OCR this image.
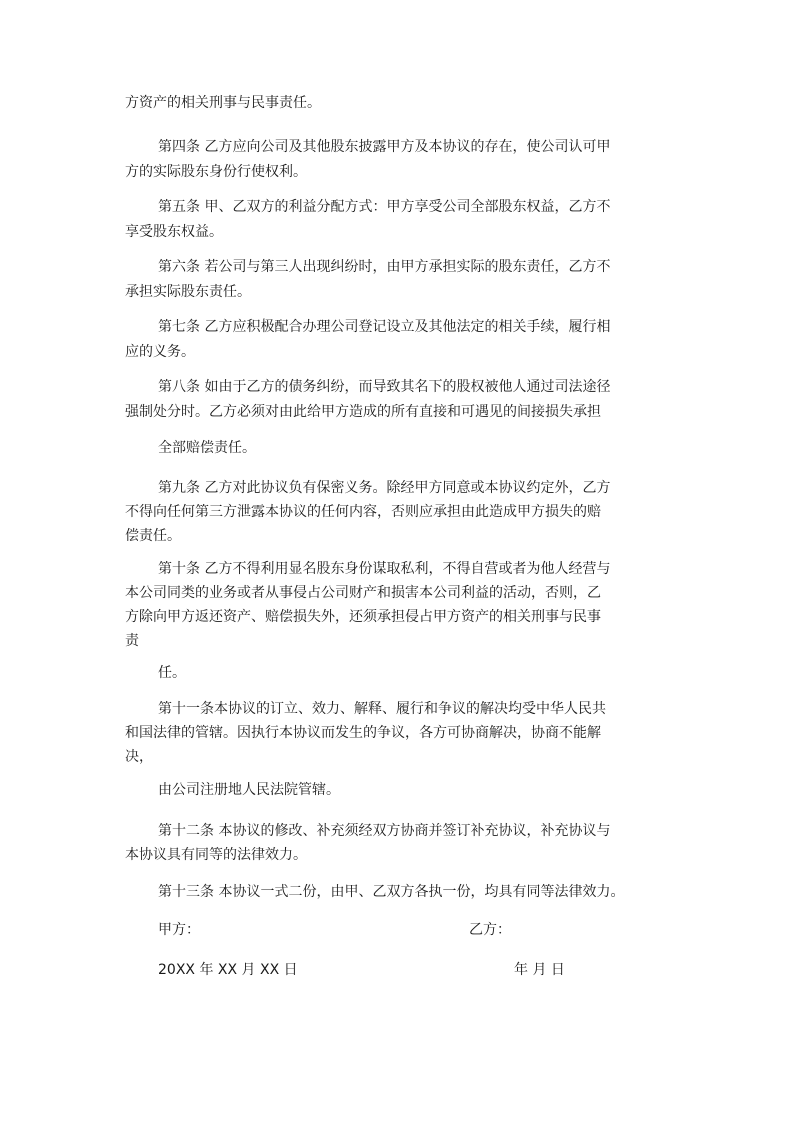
方资产的相关刑事与民事责任。
第四条 乙方应向公司及其他股东披露甲方及本协议的存在，使公司认可甲
方的实际股东身份行使权利。
第五条 甲、乙双方的利益分配方式：甲方享受公司全部股东权益，乙方不
享受股东权益。
第六条 若公司与第三人出现纠纷时，由甲方承担实际的股东责任，乙方不
承担实际股东责任。
第七条 乙方应积极配合办理公司登记设立及其他法定的相关手续，履行相
应的义务。
第八条 如由于乙方的债务纠纷，而导致其名下的股权被他人通过司法途径
强制处分时。乙方必须对由此给甲方造成的所有直接和可遇见的间接损失承担
全部赔偿责任。
第九条 乙方对此协议负有保密义务。除经甲方同意或本协议约定外，乙方
不得向任何第三方泄露本协议的任何内容，否则应承担由此造成甲方损失的赔
偿责任。
第十条 乙方不得利用显名股东身份谋取私利，不得自营或者为他人经营与
本公司同类的业务或者从事侵占公司财产和损害本公司利益的活动，否则，乙
方除向甲方返还资产、赔偿损失外，还须承担侵占甲方资产的相关刑事与民事
责
任。
第十一条本协议的订立、效力、解释、履行和争议的解决均受中华人民共
和国法律的管辖。因执行本协议而发生的争议，各方可协商解决，协商不能解
决，
由公司注册地人民法院管辖。
第十二条 本协议的修改、补充须经双方协商并签订补充协议，补充协议与
本协议具有同等的法律效力。
第十三条 本协议一式二份，由甲、乙双方各执一份，均具有同等法律效力。
甲方：	乙方：
20XX 年 XX 月 XX 日	年 月 日
